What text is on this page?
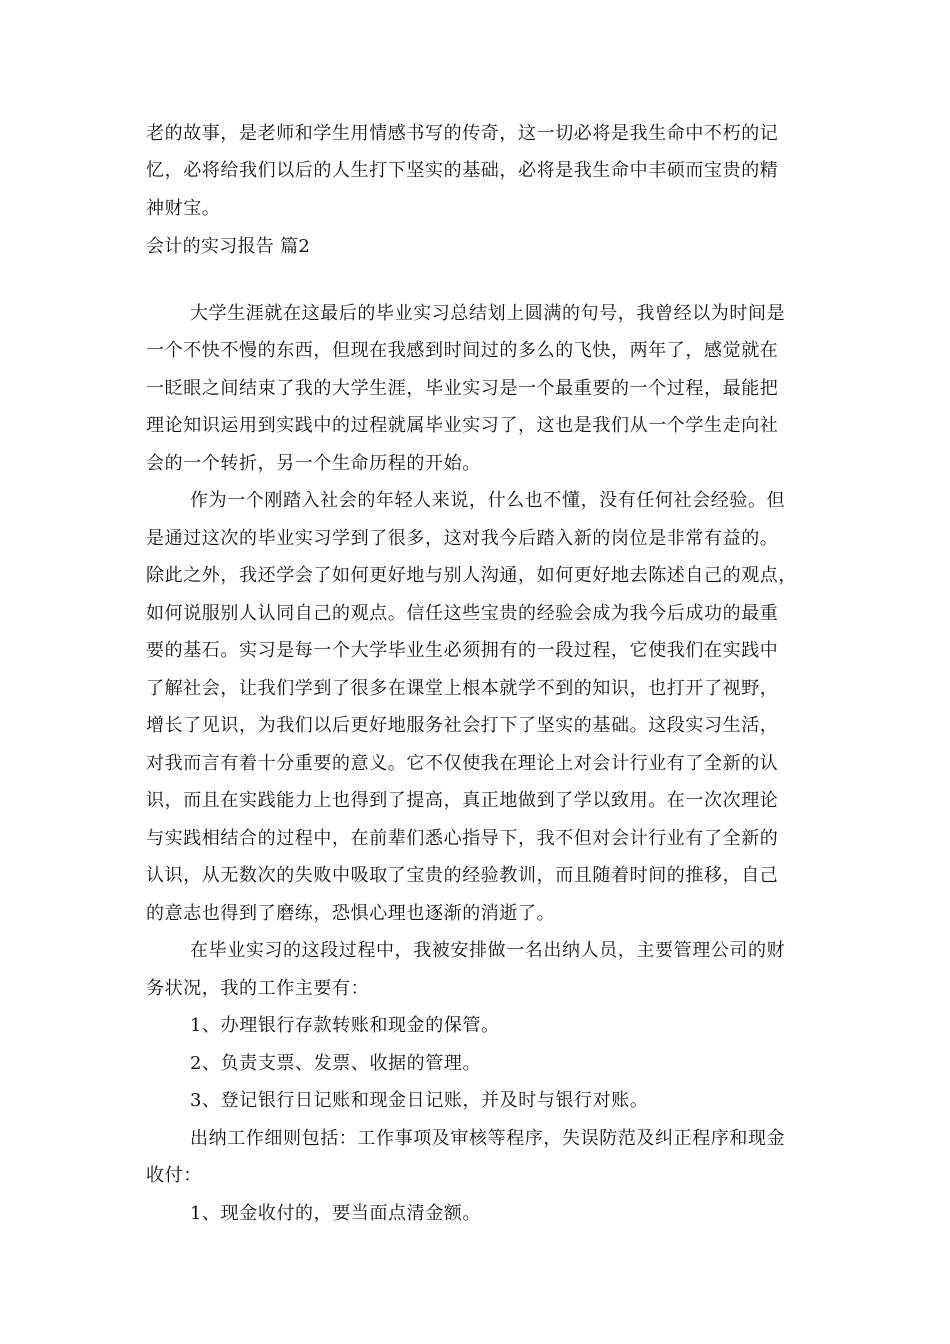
老的故事，是老师和学生用情感书写的传奇，这一切必将是我生命中不朽的记
忆，必将给我们以后的人生打下坚实的基础，必将是我生命中丰硕而宝贵的精
神财宝。
会计的实习报告 篇2
大学生涯就在这最后的毕业实习总结划上圆满的句号，我曾经以为时间是
一个不快不慢的东西，但现在我感到时间过的多么的飞快，两年了，感觉就在
一眨眼之间结束了我的大学生涯，毕业实习是一个最重要的一个过程，最能把
理论知识运用到实践中的过程就属毕业实习了，这也是我们从一个学生走向社
会的一个转折，另一个生命历程的开始。
作为一个刚踏入社会的年轻人来说，什么也不懂，没有任何社会经验。但
是通过这次的毕业实习学到了很多，这对我今后踏入新的岗位是非常有益的。
除此之外，我还学会了如何更好地与别人沟通，如何更好地去陈述自己的观点，
如何说服别人认同自己的观点。信任这些宝贵的经验会成为我今后成功的最重
要的基石。实习是每一个大学毕业生必须拥有的一段过程，它使我们在实践中
了解社会，让我们学到了很多在课堂上根本就学不到的知识，也打开了视野，
增长了见识，为我们以后更好地服务社会打下了坚实的基础。这段实习生活，
对我而言有着十分重要的意义。它不仅使我在理论上对会计行业有了全新的认
识，而且在实践能力上也得到了提高，真正地做到了学以致用。在一次次理论
与实践相结合的过程中，在前辈们悉心指导下，我不但对会计行业有了全新的
认识，从无数次的失败中吸取了宝贵的经验教训，而且随着时间的推移，自己
的意志也得到了磨练，恐惧心理也逐渐的消逝了。
在毕业实习的这段过程中，我被安排做一名出纳人员，主要管理公司的财
务状况，我的工作主要有：
1、办理银行存款转账和现金的保管。
2、负责支票、发票、收据的管理。
3、登记银行日记账和现金日记账，并及时与银行对账。
出纳工作细则包括：工作事项及审核等程序，失误防范及纠正程序和现金
收付：
1、现金收付的，要当面点清金额。
